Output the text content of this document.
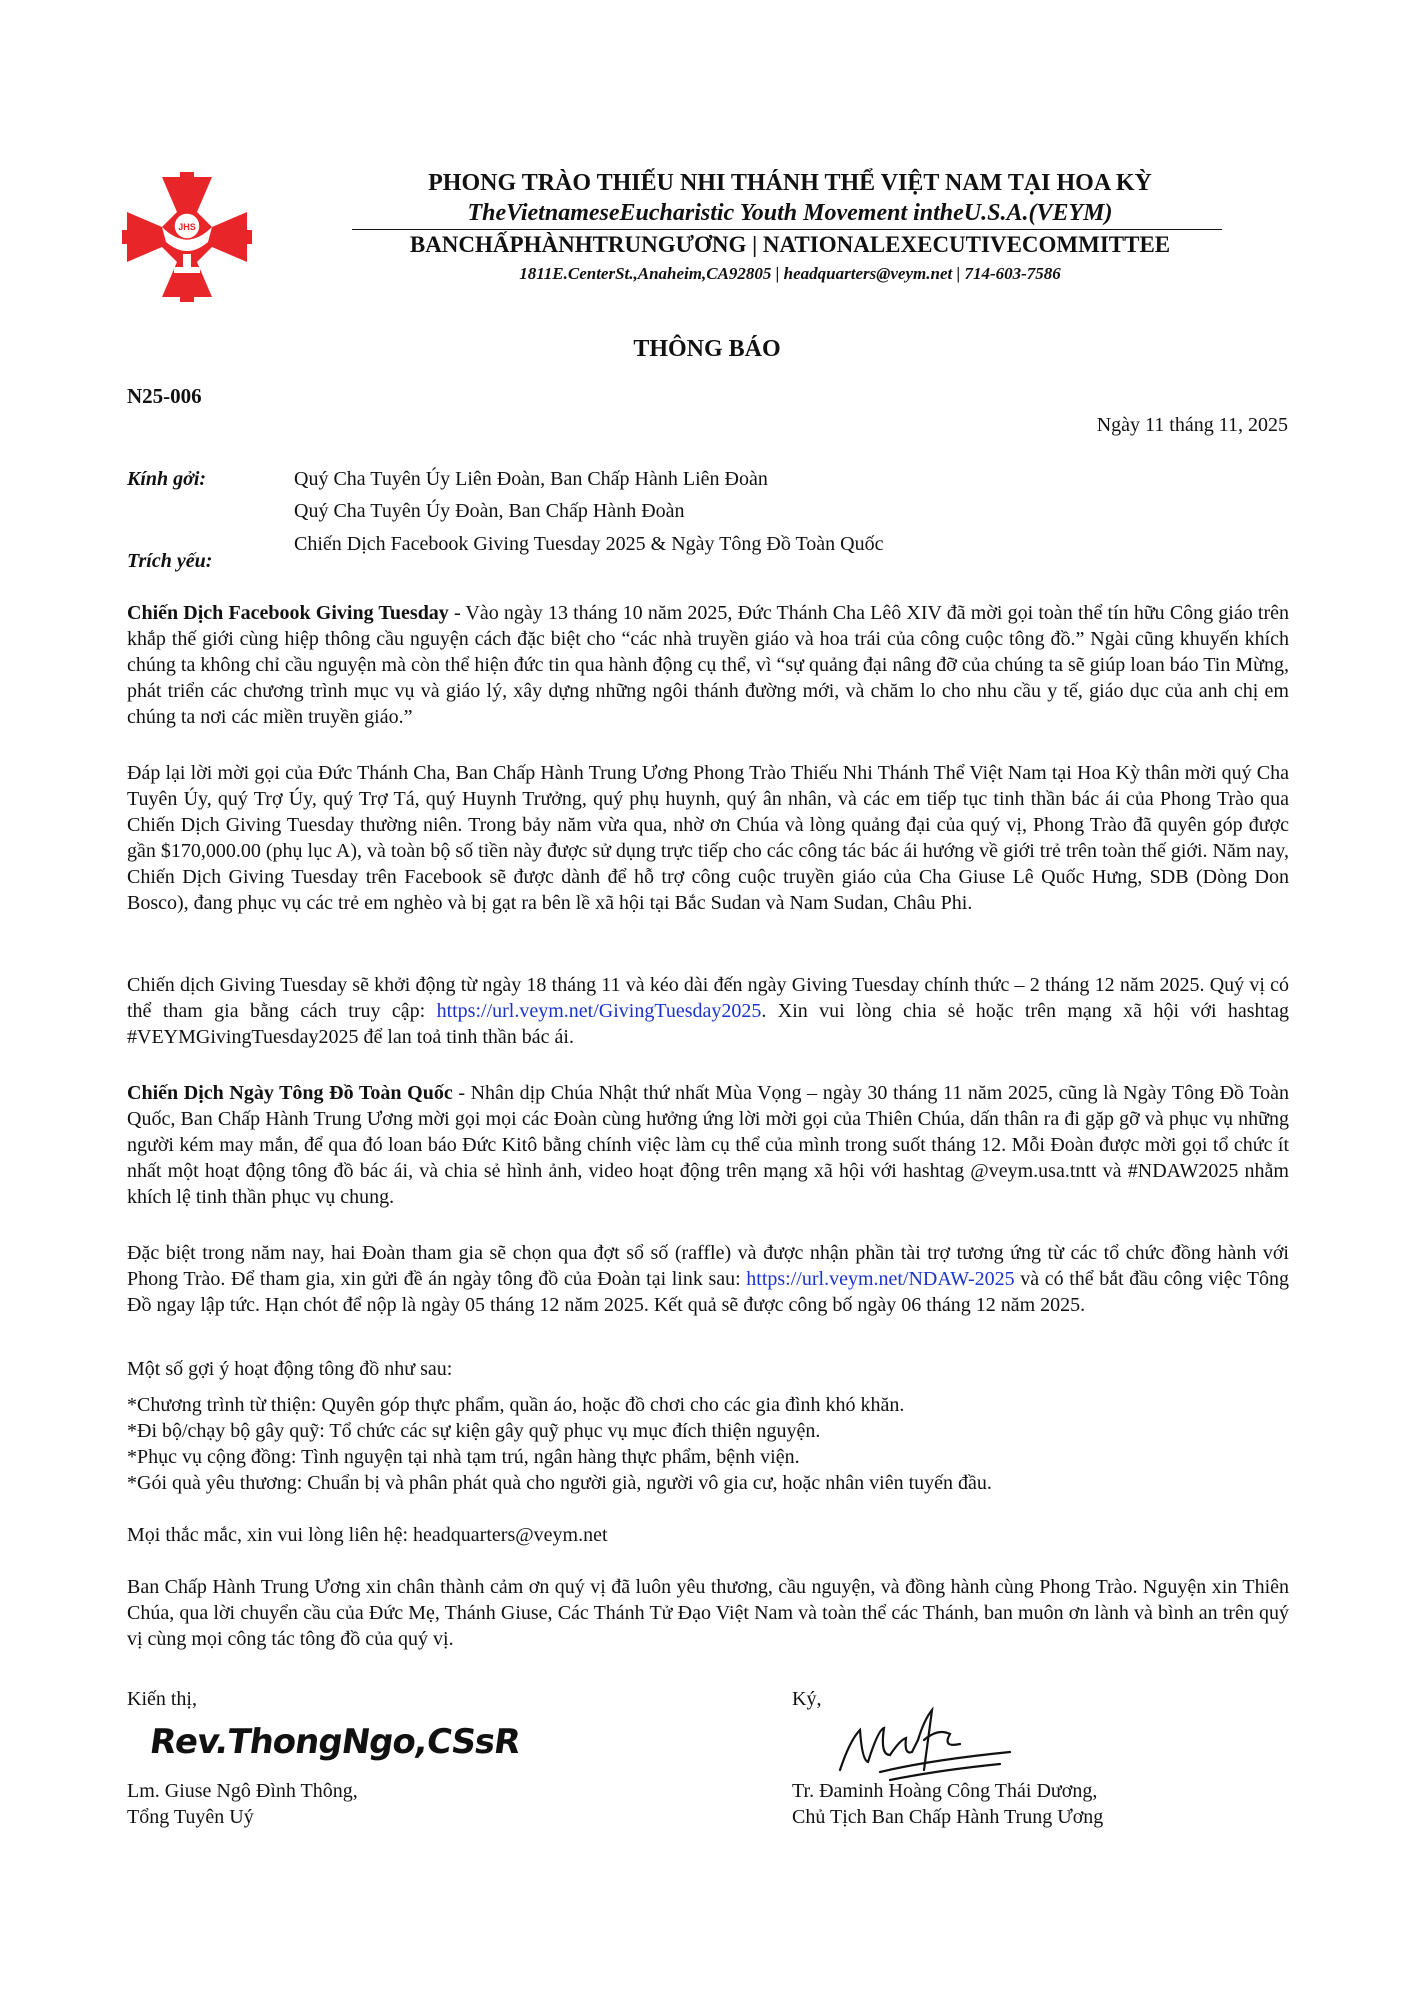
JHS
PHONG TRÀO THIẾU NHI THÁNH THỂ VIỆT NAM TẠI HOA KỲ
TheVietnameseEucharistic Youth Movement intheU.S.A.(VEYM)
BANCHẤPHÀNHTRUNGƯƠNG | NATIONALEXECUTIVECOMMITTEE
1811E.CenterSt.,Anaheim,CA92805 | headquarters@veym.net | 714-603-7586
THÔNG BÁO
N25-006
Ngày 11 tháng 11, 2025
Kính gởi:	Quý Cha Tuyên Úy Liên Đoàn, Ban Chấp Hành Liên Đoàn
Quý Cha Tuyên Úy Đoàn, Ban Chấp Hành Đoàn
Chiến Dịch Facebook Giving Tuesday 2025 & Ngày Tông Đồ Toàn Quốc
Trích yếu:
Chiến Dịch Facebook Giving Tuesday - Vào ngày 13 tháng 10 năm 2025, Đức Thánh Cha Lêô XIV đã mời gọi toàn thể tín hữu Công giáo trên khắp thế giới cùng hiệp thông cầu nguyện cách đặc biệt cho “các nhà truyền giáo và hoa trái của công cuộc tông đồ.” Ngài cũng khuyến khích chúng ta không chỉ cầu nguyện mà còn thể hiện đức tin qua hành động cụ thể, vì “sự quảng đại nâng đỡ của chúng ta sẽ giúp loan báo Tin Mừng, phát triển các chương trình mục vụ và giáo lý, xây dựng những ngôi thánh đường mới, và chăm lo cho nhu cầu y tế, giáo dục của anh chị em chúng ta nơi các miền truyền giáo.”
Đáp lại lời mời gọi của Đức Thánh Cha, Ban Chấp Hành Trung Ương Phong Trào Thiếu Nhi Thánh Thể Việt Nam tại Hoa Kỳ thân mời quý Cha Tuyên Úy, quý Trợ Úy, quý Trợ Tá, quý Huynh Trưởng, quý phụ huynh, quý ân nhân, và các em tiếp tục tinh thần bác ái của Phong Trào qua Chiến Dịch Giving Tuesday thường niên. Trong bảy năm vừa qua, nhờ ơn Chúa và lòng quảng đại của quý vị, Phong Trào đã quyên góp được gần $170,000.00 (phụ lục A), và toàn bộ số tiền này được sử dụng trực tiếp cho các công tác bác ái hướng về giới trẻ trên toàn thế giới. Năm nay, Chiến Dịch Giving Tuesday trên Facebook sẽ được dành để hỗ trợ công cuộc truyền giáo của Cha Giuse Lê Quốc Hưng, SDB (Dòng Don Bosco), đang phục vụ các trẻ em nghèo và bị gạt ra bên lề xã hội tại Bắc Sudan và Nam Sudan, Châu Phi.
Chiến dịch Giving Tuesday sẽ khởi động từ ngày 18 tháng 11 và kéo dài đến ngày Giving Tuesday chính thức – 2 tháng 12 năm 2025. Quý vị có thể tham gia bằng cách truy cập: https://url.veym.net/GivingTuesday2025. Xin vui lòng chia sẻ hoặc trên mạng xã hội với hashtag #VEYMGivingTuesday2025 để lan toả tinh thần bác ái.
Chiến Dịch Ngày Tông Đồ Toàn Quốc - Nhân dịp Chúa Nhật thứ nhất Mùa Vọng – ngày 30 tháng 11 năm 2025, cũng là Ngày Tông Đồ Toàn Quốc, Ban Chấp Hành Trung Ương mời gọi mọi các Đoàn cùng hưởng ứng lời mời gọi của Thiên Chúa, dấn thân ra đi gặp gỡ và phục vụ những người kém may mắn, để qua đó loan báo Đức Kitô bằng chính việc làm cụ thể của mình trong suốt tháng 12. Mỗi Đoàn được mời gọi tổ chức ít nhất một hoạt động tông đồ bác ái, và chia sẻ hình ảnh, video hoạt động trên mạng xã hội với hashtag @veym.usa.tntt và #NDAW2025 nhằm khích lệ tinh thần phục vụ chung.
Đặc biệt trong năm nay, hai Đoàn tham gia sẽ chọn qua đợt sổ số (raffle) và được nhận phần tài trợ tương ứng từ các tổ chức đồng hành với Phong Trào. Để tham gia, xin gửi đề án ngày tông đồ của Đoàn tại link sau: https://url.veym.net/NDAW-2025 và có thể bắt đầu công việc Tông Đồ ngay lập tức. Hạn chót để nộp là ngày 05 tháng 12 năm 2025. Kết quả sẽ được công bố ngày 06 tháng 12 năm 2025.
Một số gợi ý hoạt động tông đồ như sau:
*Chương trình từ thiện: Quyên góp thực phẩm, quần áo, hoặc đồ chơi cho các gia đình khó khăn.
*Đi bộ/chạy bộ gây quỹ: Tổ chức các sự kiện gây quỹ phục vụ mục đích thiện nguyện.
*Phục vụ cộng đồng: Tình nguyện tại nhà tạm trú, ngân hàng thực phẩm, bệnh viện.
*Gói quà yêu thương: Chuẩn bị và phân phát quà cho người già, người vô gia cư, hoặc nhân viên tuyến đầu.
Mọi thắc mắc, xin vui lòng liên hệ: headquarters@veym.net
Ban Chấp Hành Trung Ương xin chân thành cảm ơn quý vị đã luôn yêu thương, cầu nguyện, và đồng hành cùng Phong Trào. Nguyện xin Thiên Chúa, qua lời chuyển cầu của Đức Mẹ, Thánh Giuse, Các Thánh Tử Đạo Việt Nam và toàn thể các Thánh, ban muôn ơn lành và bình an trên quý vị cùng mọi công tác tông đồ của quý vị.
Kiến thị,
Rev.ThongNgo,CSsR
Lm. Giuse Ngô Đình Thông,
Tổng Tuyên Uý
Ký,
Tr. Đaminh Hoàng Công Thái Dương,
Chủ Tịch Ban Chấp Hành Trung Ương
